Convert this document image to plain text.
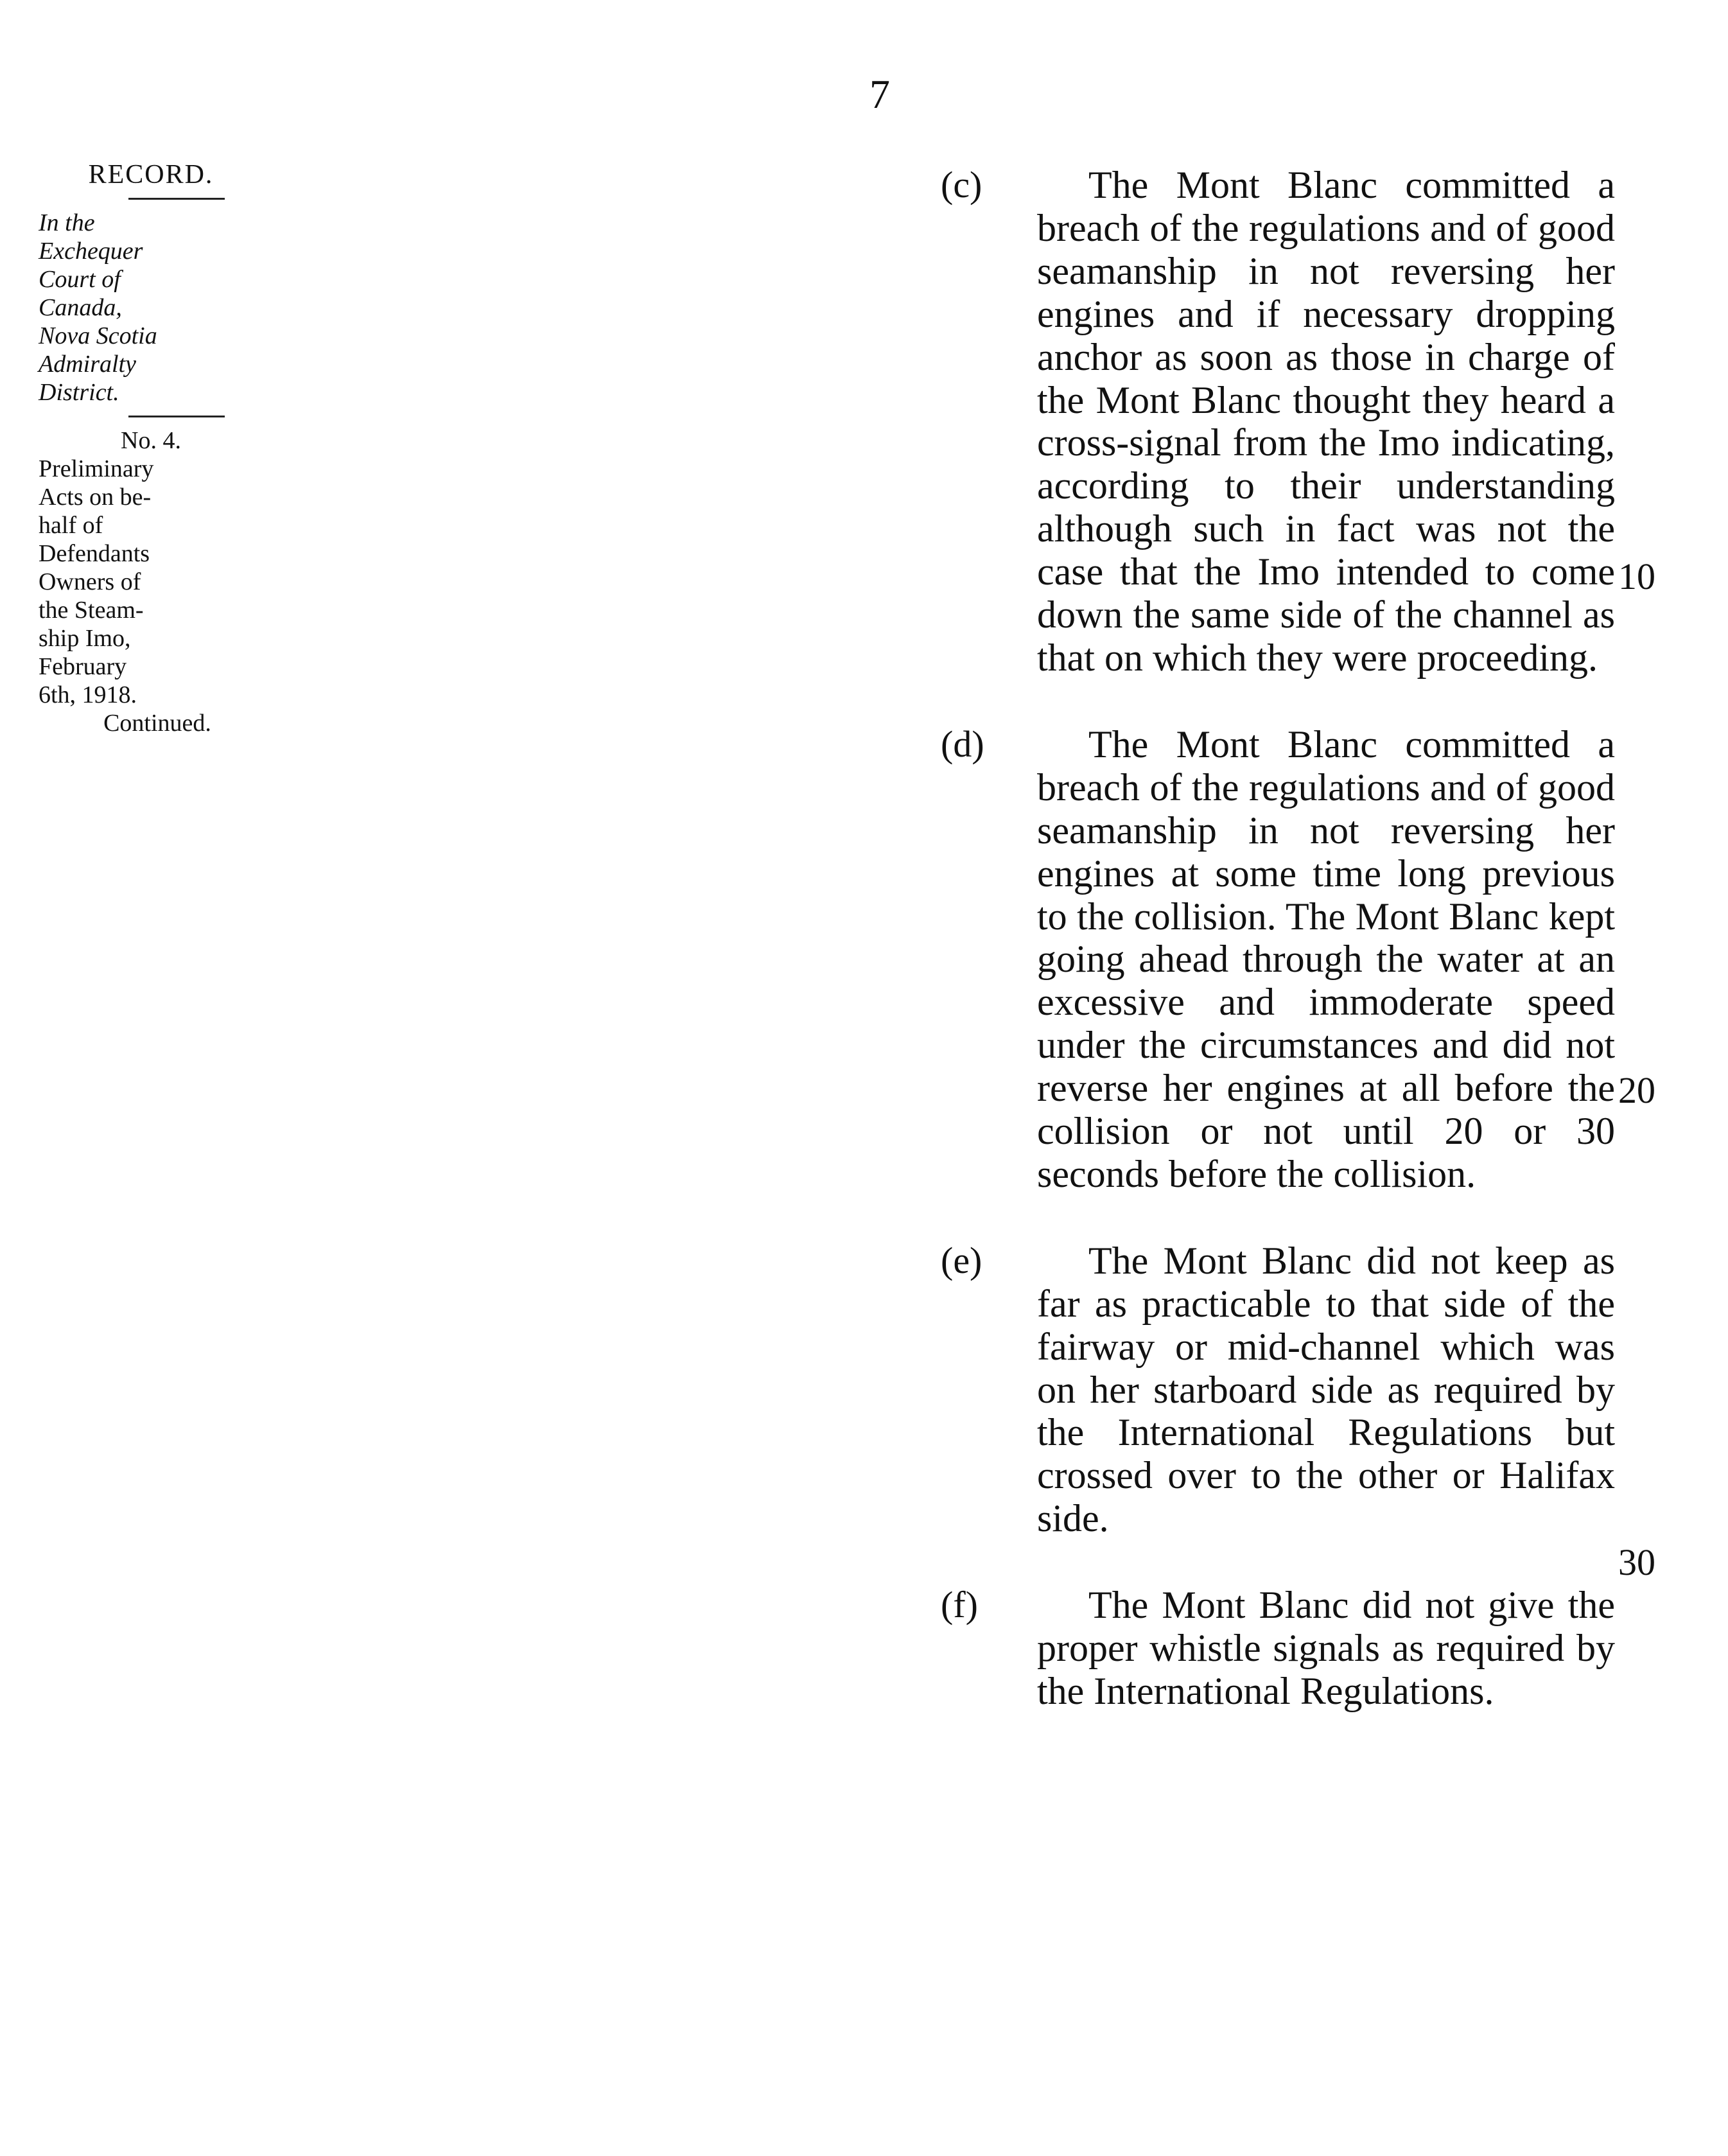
7
RECORD.
In the
Exchequer
Court of
Canada,
Nova Scotia
Admiralty
District.
No. 4.
Preliminary
Acts on be-
half of
Defendants
Owners of
the Steam-
ship Imo,
February
6th, 1918.
Continued.
(c)	The Mont Blanc committed a breach of the regulations and of good seamanship in not reversing her engines and if necessary dropping anchor as soon as those in charge of the Mont Blanc thought they heard a cross-signal from the Imo indicating, according to their understanding although such in fact was not the case that the Imo intended to come down the same side of the channel as that on which they were proceeding.
(d)	The Mont Blanc committed a breach of the regulations and of good seamanship in not reversing her engines at some time long previous to the collision. The Mont Blanc kept going ahead through the water at an excessive and immoderate speed under the circumstances and did not reverse her engines at all before the collision or not until 20 or 30 seconds before the collision.
(e)	The Mont Blanc did not keep as far as practicable to that side of the fairway or mid-channel which was on her starboard side as required by the International Regulations but crossed over to the other or Halifax side.
(f)	The Mont Blanc did not give the proper whistle signals as required by the International Regulations.
10
20
30
